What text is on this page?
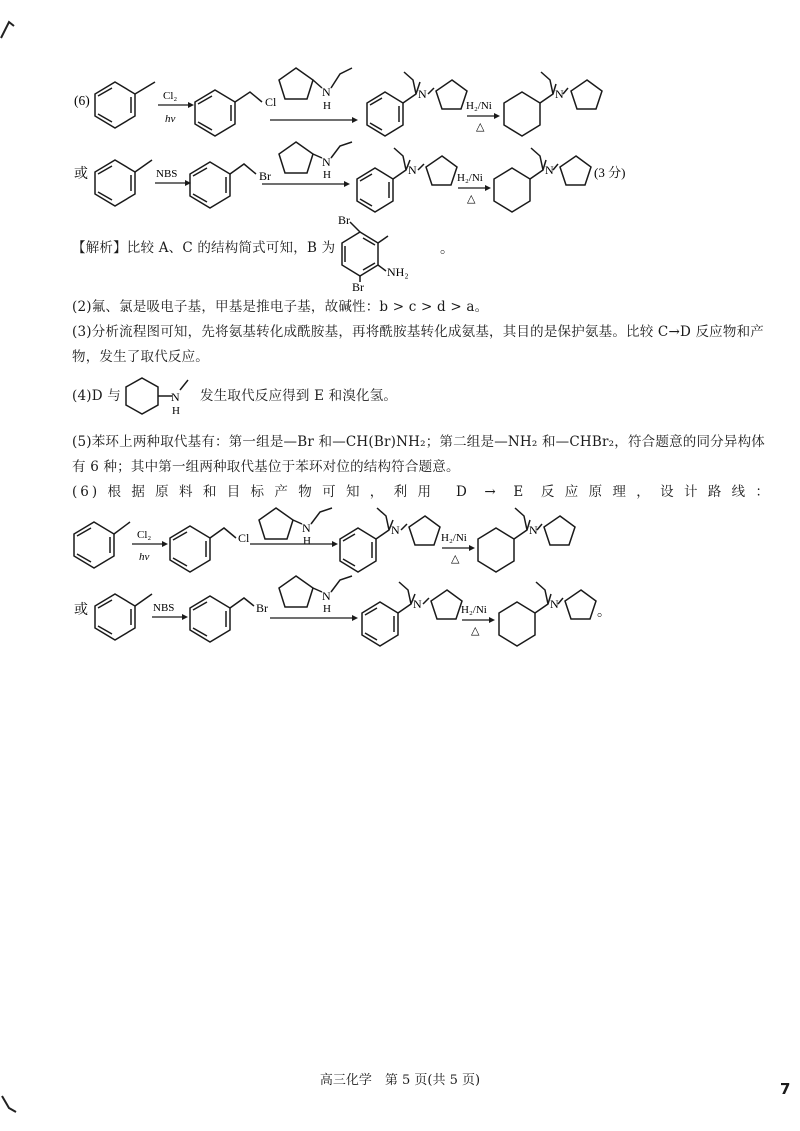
(6)	Cl₂
hν
Cl
N
H
N
H₂/Ni
△
N
或	NBS	Br
N
H	N
H₂/Ni
△
N	(3 分)
【解析】比较 A、C 的结构简式可知，B 为
Br
NH₂
Br
。
(2)氟、氯是吸电子基，甲基是推电子基，故碱性：b > c > d > a。
(3)分析流程图可知，先将氨基转化成酰胺基，再将酰胺基转化成氨基，其目的是保护氨基。比较 C→D 反应物和产物，发生了取代反应。
(4)D 与	N
H
发生取代反应得到 E 和溴化氢。
(5)苯环上两种取代基有：第一组是—Br 和—CH(Br)NH₂；第二组是—NH₂ 和—CHBr₂，符合题意的同分异构体有 6 种；其中第一组两种取代基位于苯环对位的结构符合题意。
(6)根据原料和目标产物可知，利用 D → E 反应原理，设计路线：
Cl₂
hν
Cl
N
H
N
H₂/Ni
△
N
或	NBS	Br
N
H	N	H₂/Ni
△
N
。
高三化学　第 5 页(共 5 页)	7
